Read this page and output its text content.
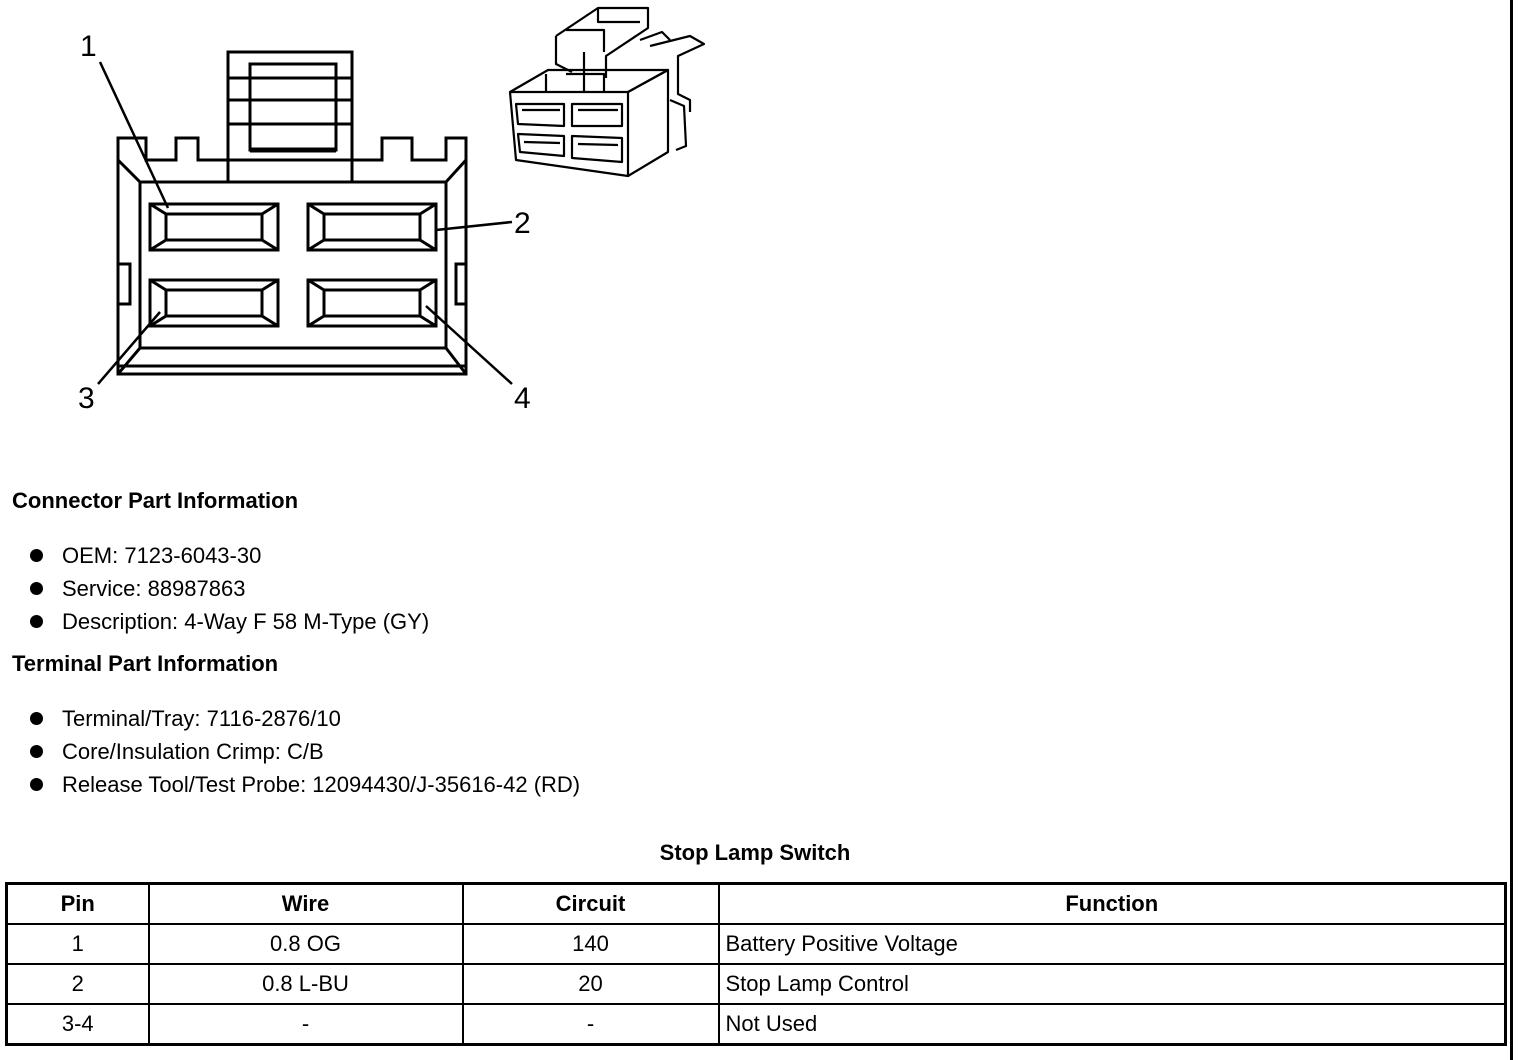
1
2
3	4
Connector Part Information
OEM: 7123-6043-30
Service: 88987863
Description: 4-Way F 58 M-Type (GY)
Terminal Part Information
Terminal/Tray: 7116-2876/10
Core/Insulation Crimp: C/B
Release Tool/Test Probe: 12094430/J-35616-42 (RD)
Stop Lamp Switch
Pin	Wire	Circuit	Function
1	0.8 OG	140	Battery Positive Voltage
2	0.8 L-BU	20	Stop Lamp Control
3-4	-	-	Not Used
